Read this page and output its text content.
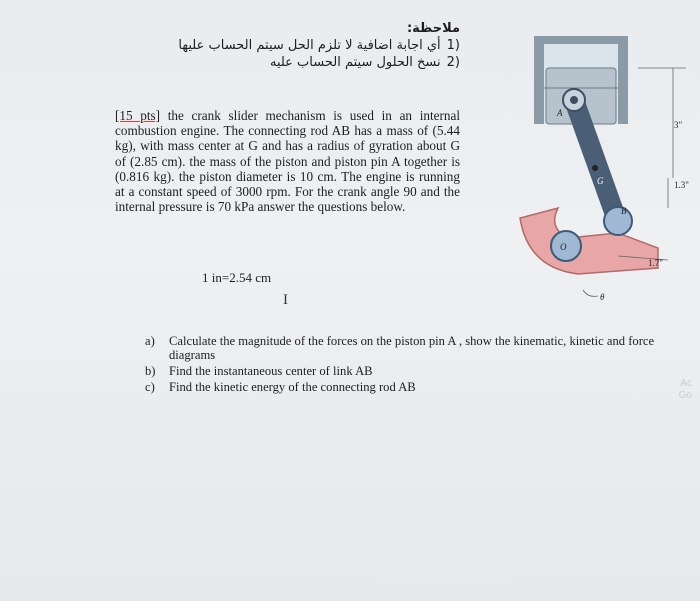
ملاحظة:
(1
أي اجابة اضافية لا تلزم الحل سيتم الحساب عليها
(2
نسخ الحلول سيتم الحساب عليه
[15 pts] the crank slider mechanism is used in an internal combustion engine. The connecting rod AB has a mass of (5.44 kg), with mass center at G and has a radius of gyration about G of (2.85 cm). the mass of the piston and piston pin A together is (0.816 kg). the piston diameter is 10 cm. The engine is running at a constant speed of 3000 rpm. For the crank angle 90 and the internal pressure is 70 kPa answer the questions below.
1 in=2.54 cm
I
A
G
B
O
3"
1.3"
1.7"
θ
a)	Calculate the magnitude of the forces on the piston pin A , show the kinematic, kinetic and force diagrams
b)	Find the instantaneous center of link AB
c)	Find the kinetic energy of the connecting rod AB	Ac
Go
